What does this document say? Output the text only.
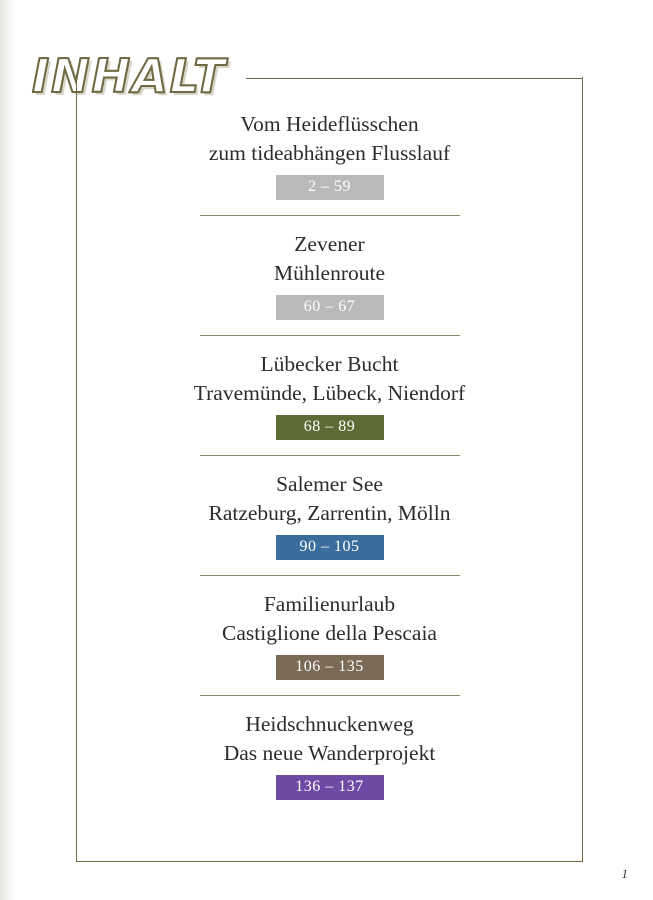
INHALT
Vom Heideflüsschen
zum tideabhängen Flusslauf
2 – 59
Zevener
Mühlenroute
60 – 67
Lübecker Bucht
Travemünde, Lübeck, Niendorf
68 – 89
Salemer See
Ratzeburg, Zarrentin, Mölln
90 – 105
Familienurlaub
Castiglione della Pescaia
106 – 135
Heidschnuckenweg
Das neue Wanderprojekt
136 – 137
1
